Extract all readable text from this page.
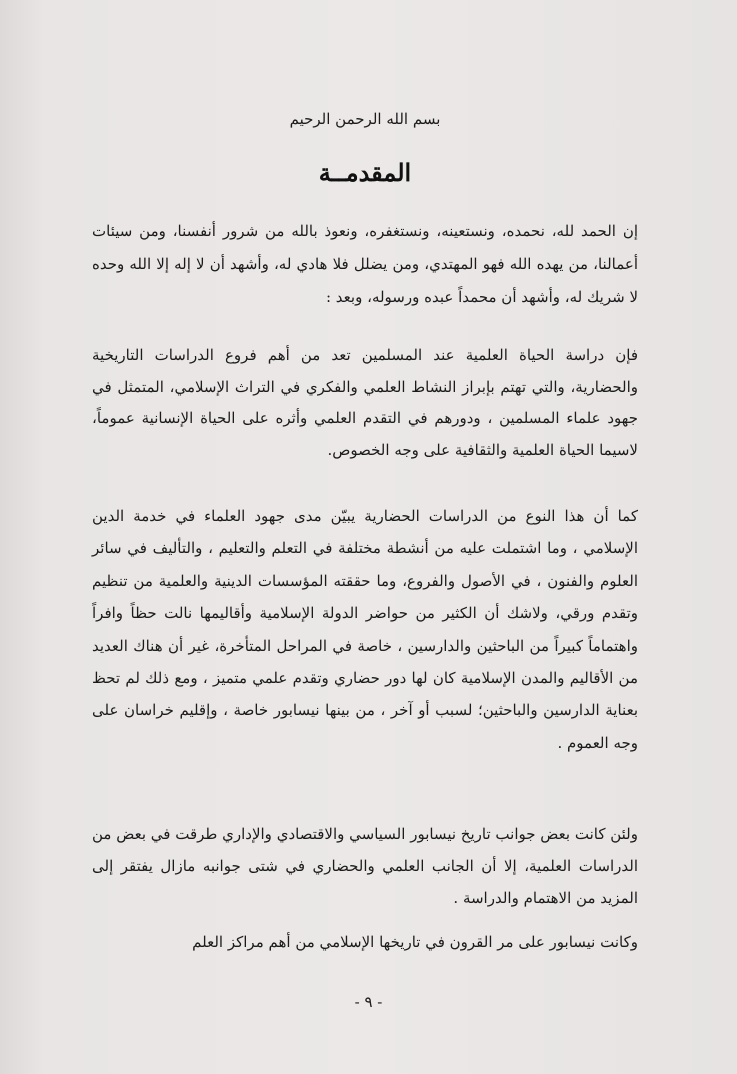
بسم الله الرحمن الرحيم
المقدمــة

إن الحمد لله، نحمده، ونستعينه، ونستغفره، ونعوذ بالله من شرور أنفسنا، ومن سيئات أعمالنا، من يهده الله فهو المهتدي، ومن يضلل فلا هادي له، وأشهد أن لا إله إلا الله وحده لا شريك له، وأشهد أن محمداً عبده ورسوله، وبعد :

فإن دراسة الحياة العلمية عند المسلمين تعد من أهم فروع الدراسات التاريخية والحضارية، والتي تهتم بإبراز النشاط العلمي والفكري في التراث الإسلامي، المتمثل في جهود علماء المسلمين ، ودورهم في التقدم العلمي وأثره على الحياة الإنسانية عموماً، لاسيما الحياة العلمية والثقافية على وجه الخصوص.

كما أن هذا النوع من الدراسات الحضارية يبيّن مدى جهود العلماء في خدمة الدين الإسلامي ، وما اشتملت عليه من أنشطة مختلفة في التعلم والتعليم ، والتأليف في سائر العلوم والفنون ، في الأصول والفروع، وما حققته المؤسسات الدينية والعلمية من تنظيم وتقدم ورقي، ولاشك أن الكثير من حواضر الدولة الإسلامية وأقاليمها نالت حظاً وافراً واهتماماً كبيراً من الباحثين والدارسين ، خاصة في المراحل المتأخرة، غير أن هناك العديد من الأقاليم والمدن الإسلامية كان لها دور حضاري وتقدم علمي متميز ، ومع ذلك لم تحظ بعناية الدارسين والباحثين؛ لسبب أو آخر ، من بينها نيسابور خاصة ، وإقليم خراسان على وجه العموم .

ولئن كانت بعض جوانب تاريخ نيسابور السياسي والاقتصادي والإداري طرقت في بعض من الدراسات العلمية، إلا أن الجانب العلمي والحضاري في شتى جوانبه مازال يفتقر إلى المزيد من الاهتمام والدراسة .

وكانت نيسابور على مر القرون في تاريخها الإسلامي من أهم مراكز العلم

- ٩ -
